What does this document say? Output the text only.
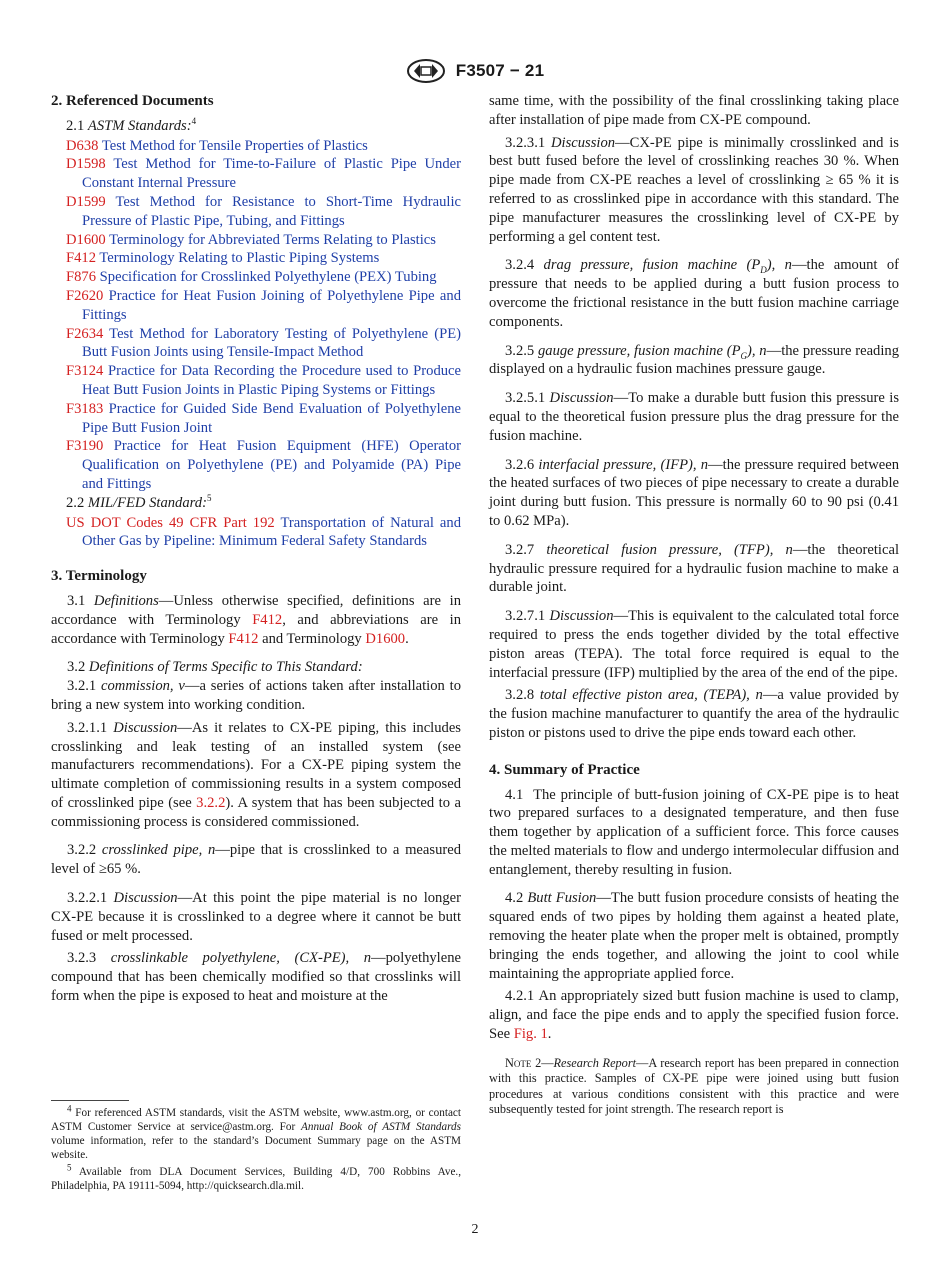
F3507 − 21
2. Referenced Documents
2.1 ASTM Standards:$^4$
D638 Test Method for Tensile Properties of Plastics
D1598 Test Method for Time-to-Failure of Plastic Pipe Under Constant Internal Pressure
D1599 Test Method for Resistance to Short-Time Hydraulic Pressure of Plastic Pipe, Tubing, and Fittings
D1600 Terminology for Abbreviated Terms Relating to Plastics
F412 Terminology Relating to Plastic Piping Systems
F876 Specification for Crosslinked Polyethylene (PEX) Tubing
F2620 Practice for Heat Fusion Joining of Polyethylene Pipe and Fittings
F2634 Test Method for Laboratory Testing of Polyethylene (PE) Butt Fusion Joints using Tensile-Impact Method
F3124 Practice for Data Recording the Procedure used to Produce Heat Butt Fusion Joints in Plastic Piping Systems or Fittings
F3183 Practice for Guided Side Bend Evaluation of Polyethylene Pipe Butt Fusion Joint
F3190 Practice for Heat Fusion Equipment (HFE) Operator Qualification on Polyethylene (PE) and Polyamide (PA) Pipe and Fittings
2.2 MIL/FED Standard:$^5$
US DOT Codes 49 CFR Part 192 Transportation of Natural and Other Gas by Pipeline: Minimum Federal Safety Standards
3. Terminology

3.1 Definitions—Unless otherwise specified, definitions are in accordance with Terminology F412, and abbreviations are in accordance with Terminology F412 and Terminology D1600.

3.2 Definitions of Terms Specific to This Standard:

3.2.1 commission, v—a series of actions taken after installation to bring a new system into working condition.

3.2.1.1 Discussion—As it relates to CX-PE piping, this includes crosslinking and leak testing of an installed system (see manufacturers recommendations). For a CX-PE piping system the ultimate completion of commissioning results in a system composed of crosslinked pipe (see 3.2.2). A system that has been subjected to a commissioning process is considered commissioned.

3.2.2 crosslinked pipe, n—pipe that is crosslinked to a measured level of ≥65 %.

3.2.2.1 Discussion—At this point the pipe material is no longer CX-PE because it is crosslinked to a degree where it cannot be butt fused or melt processed.

3.2.3 crosslinkable polyethylene, (CX-PE), n—polyethylene compound that has been chemically modified so that crosslinks will form when the pipe is exposed to heat and moisture at the

$^4$ For referenced ASTM standards, visit the ASTM website, www.astm.org, or contact ASTM Customer Service at service@astm.org. For Annual Book of ASTM Standards volume information, refer to the standard’s Document Summary page on the ASTM website.

$^5$ Available from DLA Document Services, Building 4/D, 700 Robbins Ave., Philadelphia, PA 19111-5094, http://quicksearch.dla.mil.

same time, with the possibility of the final crosslinking taking place after installation of pipe made from CX-PE compound.

3.2.3.1 Discussion—CX-PE pipe is minimally crosslinked and is best butt fused before the level of crosslinking reaches 30 %. When pipe made from CX-PE reaches a level of crosslinking ≥ 65 % it is referred to as crosslinked pipe in accordance with this standard. The pipe manufacturer measures the crosslinking level of CX-PE by performing a gel content test.

3.2.4 drag pressure, fusion machine $(P_D)$, n—the amount of pressure that needs to be applied during a butt fusion process to overcome the frictional resistance in the butt fusion machine carriage components.

3.2.5 gauge pressure, fusion machine $(P_G)$, n—the pressure reading displayed on a hydraulic fusion machines pressure gauge.

3.2.5.1 Discussion—To make a durable butt fusion this pressure is equal to the theoretical fusion pressure plus the drag pressure for the fusion machine.

3.2.6 interfacial pressure, (IFP), n—the pressure required between the heated surfaces of two pieces of pipe necessary to create a durable joint during butt fusion. This pressure is normally 60 to 90 psi (0.41 to 0.62 MPa).

3.2.7 theoretical fusion pressure, (TFP), n—the theoretical hydraulic pressure required for a hydraulic fusion machine to make a durable joint.

3.2.7.1 Discussion—This is equivalent to the calculated total force required to press the ends together divided by the total effective piston areas (TEPA). The total force required is equal to the interfacial pressure (IFP) multiplied by the area of the end of the pipe.

3.2.8 total effective piston area, (TEPA), n—a value provided by the fusion machine manufacturer to quantify the area of the hydraulic piston or pistons used to drive the pipe ends toward each other.

4. Summary of Practice

4.1 The principle of butt-fusion joining of CX-PE pipe is to heat two prepared surfaces to a designated temperature, and then fuse them together by application of a sufficient force. This force causes the melted materials to flow and undergo intermolecular diffusion and entanglement, thereby resulting in fusion.

4.2 Butt Fusion—The butt fusion procedure consists of heating the squared ends of two pipes by holding them against a heated plate, removing the heater plate when the proper melt is obtained, promptly bringing the ends together, and allowing the joint to cool while maintaining the appropriate applied force.

4.2.1 An appropriately sized butt fusion machine is used to clamp, align, and face the pipe ends and to apply the specified fusion force. See Fig. 1.

Note 2—Research Report—A research report has been prepared in connection with this practice. Samples of CX-PE pipe were joined using butt fusion procedures at various conditions consistent with this practice and were subsequently tested for joint strength. The research report is
2
